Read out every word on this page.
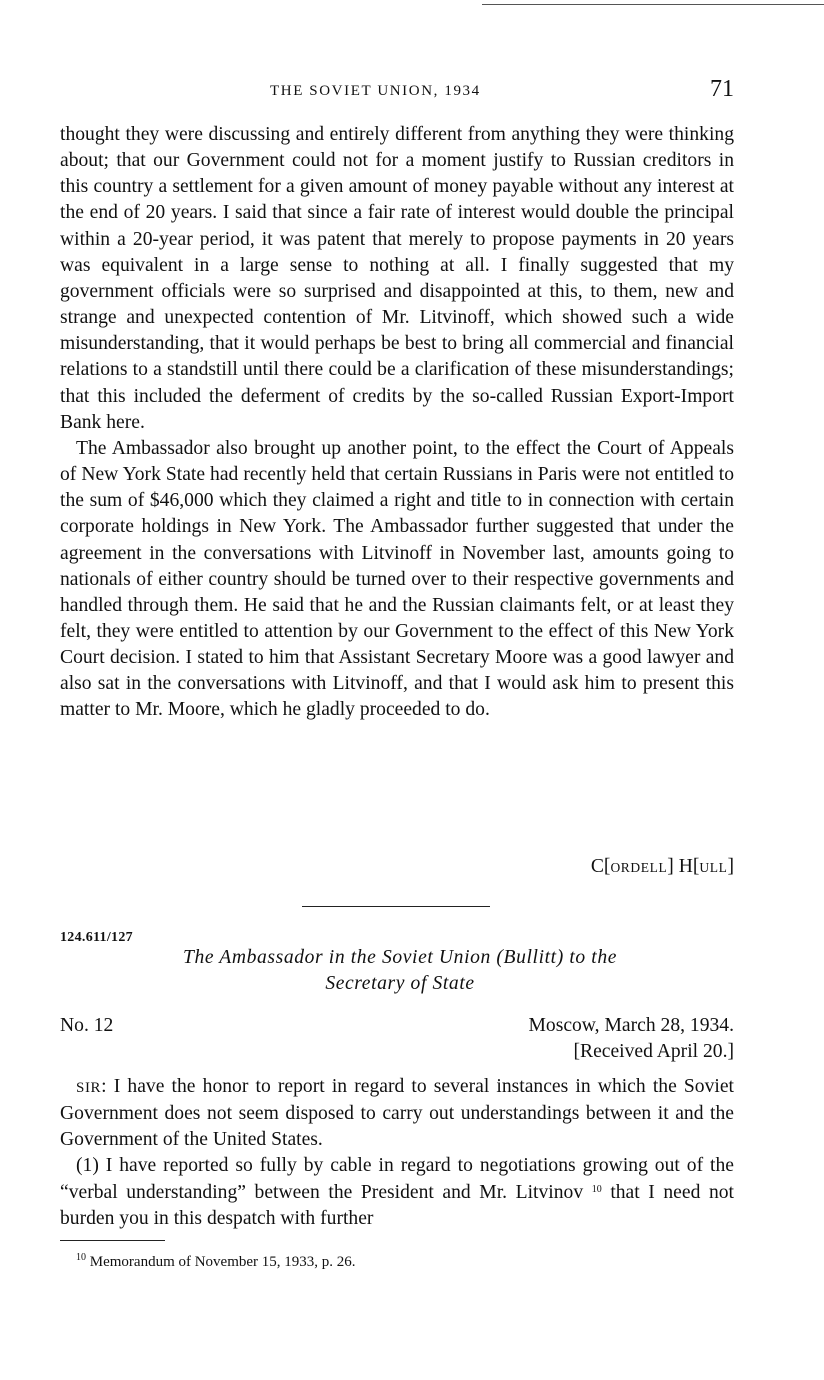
THE SOVIET UNION, 1934	71

thought they were discussing and entirely different from anything they were thinking about; that our Government could not for a moment justify to Russian creditors in this country a settlement for a given amount of money payable without any interest at the end of 20 years. I said that since a fair rate of interest would double the principal within a 20-year period, it was patent that merely to propose payments in 20 years was equivalent in a large sense to nothing at all. I finally suggested that my government officials were so surprised and disappointed at this, to them, new and strange and unexpected contention of Mr. Litvinoff, which showed such a wide misunderstanding, that it would perhaps be best to bring all commercial and financial relations to a standstill until there could be a clarification of these misunderstandings; that this included the deferment of credits by the so-called Russian Export-Import Bank here.

The Ambassador also brought up another point, to the effect the Court of Appeals of New York State had recently held that certain Russians in Paris were not entitled to the sum of $46,000 which they claimed a right and title to in connection with certain corporate holdings in New York. The Ambassador further suggested that under the agreement in the conversations with Litvinoff in November last, amounts going to nationals of either country should be turned over to their respective governments and handled through them. He said that he and the Russian claimants felt, or at least they felt, they were entitled to attention by our Government to the effect of this New York Court decision. I stated to him that Assistant Secretary Moore was a good lawyer and also sat in the conversations with Litvinoff, and that I would ask him to present this matter to Mr. Moore, which he gladly proceeded to do.

C[ORDELL] H[ULL]
124.611/127
The Ambassador in the Soviet Union (Bullitt) to the
Secretary of State
No. 12	Moscow, March 28, 1934.
[Received April 20.]

SIR: I have the honor to report in regard to several instances in which the Soviet Government does not seem disposed to carry out understandings between it and the Government of the United States.

(1) I have reported so fully by cable in regard to negotiations growing out of the “verbal understanding” between the President and Mr. Litvinov $^{10}$ that I need not burden you in this despatch with further

$^{10}$ Memorandum of November 15, 1933, p. 26.
